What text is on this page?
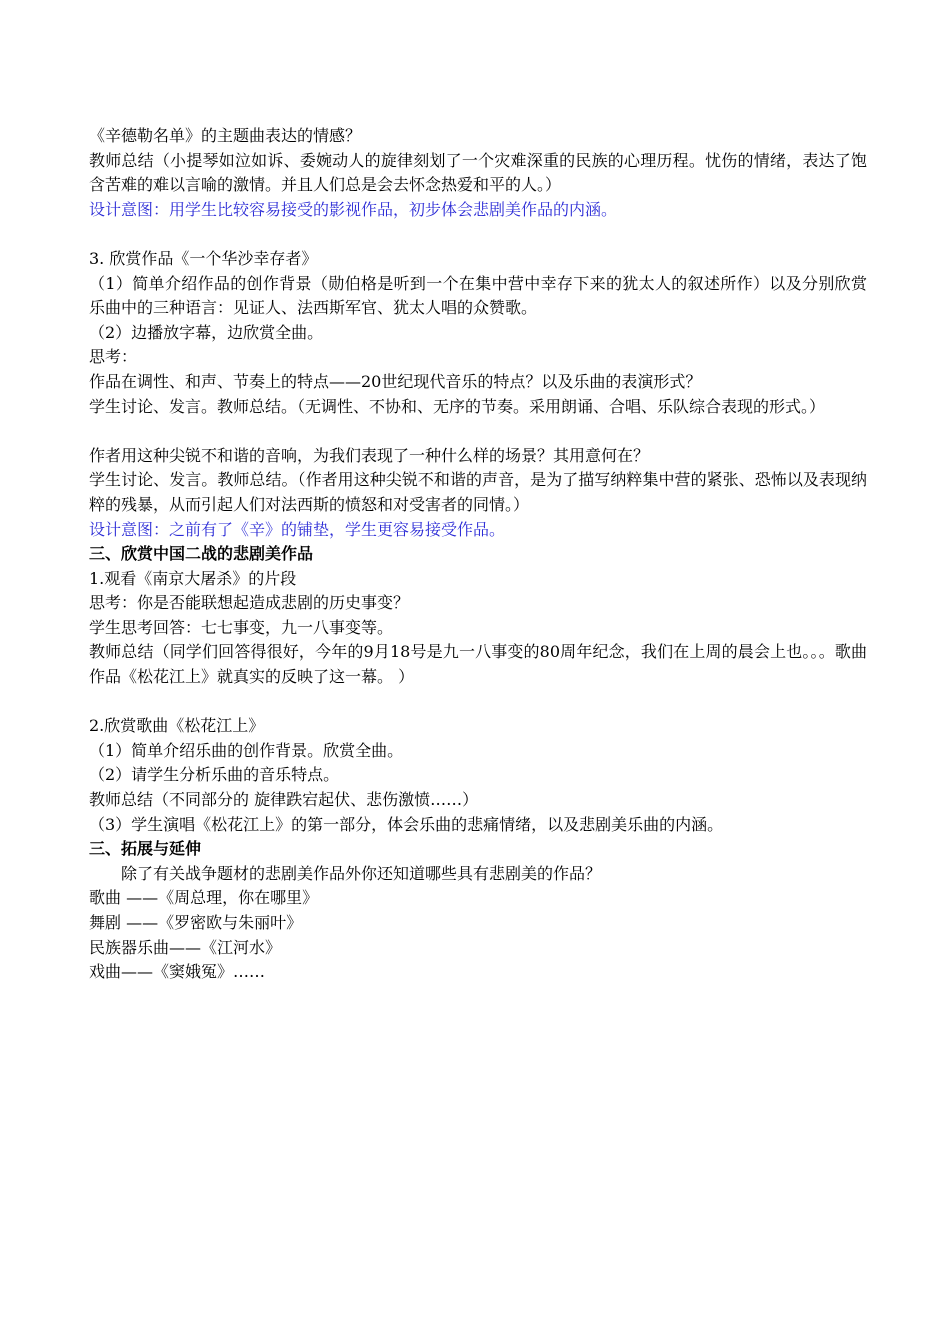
《辛德勒名单》的主题曲表达的情感？

教师总结（小提琴如泣如诉、委婉动人的旋律刻划了一个灾难深重的民族的心理历程。忧伤的情绪，表达了饱含苦难的难以言喻的激情。并且人们总是会去怀念热爱和平的人。）

设计意图：用学生比较容易接受的影视作品，初步体会悲剧美作品的内涵。

3. 欣赏作品《一个华沙幸存者》

（1）简单介绍作品的创作背景（勋伯格是听到一个在集中营中幸存下来的犹太人的叙述所作）以及分别欣赏乐曲中的三种语言：见证人、法西斯军官、犹太人唱的众赞歌。

（2）边播放字幕，边欣赏全曲。

思考：

作品在调性、和声、节奏上的特点——20世纪现代音乐的特点？以及乐曲的表演形式？

学生讨论、发言。教师总结。（无调性、不协和、无序的节奏。采用朗诵、合唱、乐队综合表现的形式。）

作者用这种尖锐不和谐的音响，为我们表现了一种什么样的场景？其用意何在？

学生讨论、发言。教师总结。（作者用这种尖锐不和谐的声音，是为了描写纳粹集中营的紧张、恐怖以及表现纳粹的残暴，从而引起人们对法西斯的愤怒和对受害者的同情。）

设计意图：之前有了《辛》的铺垫，学生更容易接受作品。

三、欣赏中国二战的悲剧美作品

1.观看《南京大屠杀》的片段

思考：你是否能联想起造成悲剧的历史事变？

学生思考回答：七七事变，九一八事变等。

教师总结（同学们回答得很好，今年的9月18号是九一八事变的80周年纪念，我们在上周的晨会上也。。。歌曲作品《松花江上》就真实的反映了这一幕。 ）

2.欣赏歌曲《松花江上》

（1）简单介绍乐曲的创作背景。欣赏全曲。

（2）请学生分析乐曲的音乐特点。

教师总结（不同部分的 旋律跌宕起伏、悲伤激愤……）

（3）学生演唱《松花江上》的第一部分，体会乐曲的悲痛情绪，以及悲剧美乐曲的内涵。

三、拓展与延伸

除了有关战争题材的悲剧美作品外你还知道哪些具有悲剧美的作品？

歌曲 ——《周总理，你在哪里》

舞剧 ——《罗密欧与朱丽叶》

民族器乐曲——《江河水》

戏曲——《窦娥冤》……
